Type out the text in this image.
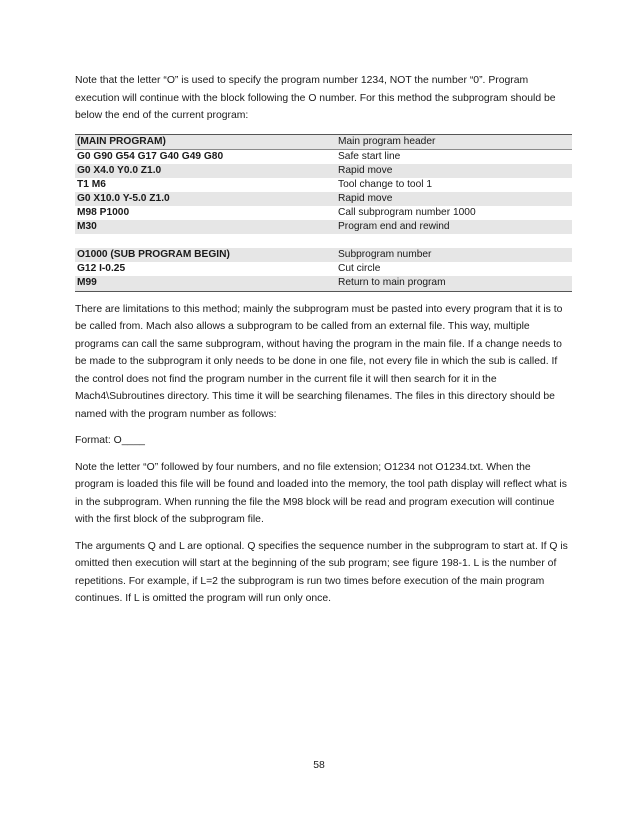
Note that the letter “O” is used to specify the program number 1234, NOT the number “0”. Program execution will continue with the block following the O number. For this method the subprogram should be below the end of the current program:

(MAIN PROGRAM)	Main program header
G0 G90 G54 G17 G40 G49 G80	Safe start line
G0 X4.0 Y0.0 Z1.0	Rapid move
T1 M6	Tool change to tool 1
G0 X10.0 Y-5.0 Z1.0	Rapid move
M98 P1000	Call subprogram number 1000
M30	Program end and rewind

O1000 (SUB PROGRAM BEGIN)	Subprogram number
G12 I-0.25	Cut circle
M99	Return to main program

There are limitations to this method; mainly the subprogram must be pasted into every program that it is to be called from. Mach also allows a subprogram to be called from an external file. This way, multiple programs can call the same subprogram, without having the program in the main file. If a change needs to be made to the subprogram it only needs to be done in one file, not every file in which the sub is called. If the control does not find the program number in the current file it will then search for it in the Mach4\Subroutines directory. This time it will be searching filenames. The files in this directory should be named with the program number as follows:

Format: O____

Note the letter “O” followed by four numbers, and no file extension; O1234 not O1234.txt. When the program is loaded this file will be found and loaded into the memory, the tool path display will reflect what is in the subprogram. When running the file the M98 block will be read and program execution will continue with the first block of the subprogram file.

The arguments Q and L are optional. Q specifies the sequence number in the subprogram to start at. If Q is omitted then execution will start at the beginning of the sub program; see figure 198-1. L is the number of repetitions. For example, if L=2 the subprogram is run two times before execution of the main program continues. If L is omitted the program will run only once.

58
